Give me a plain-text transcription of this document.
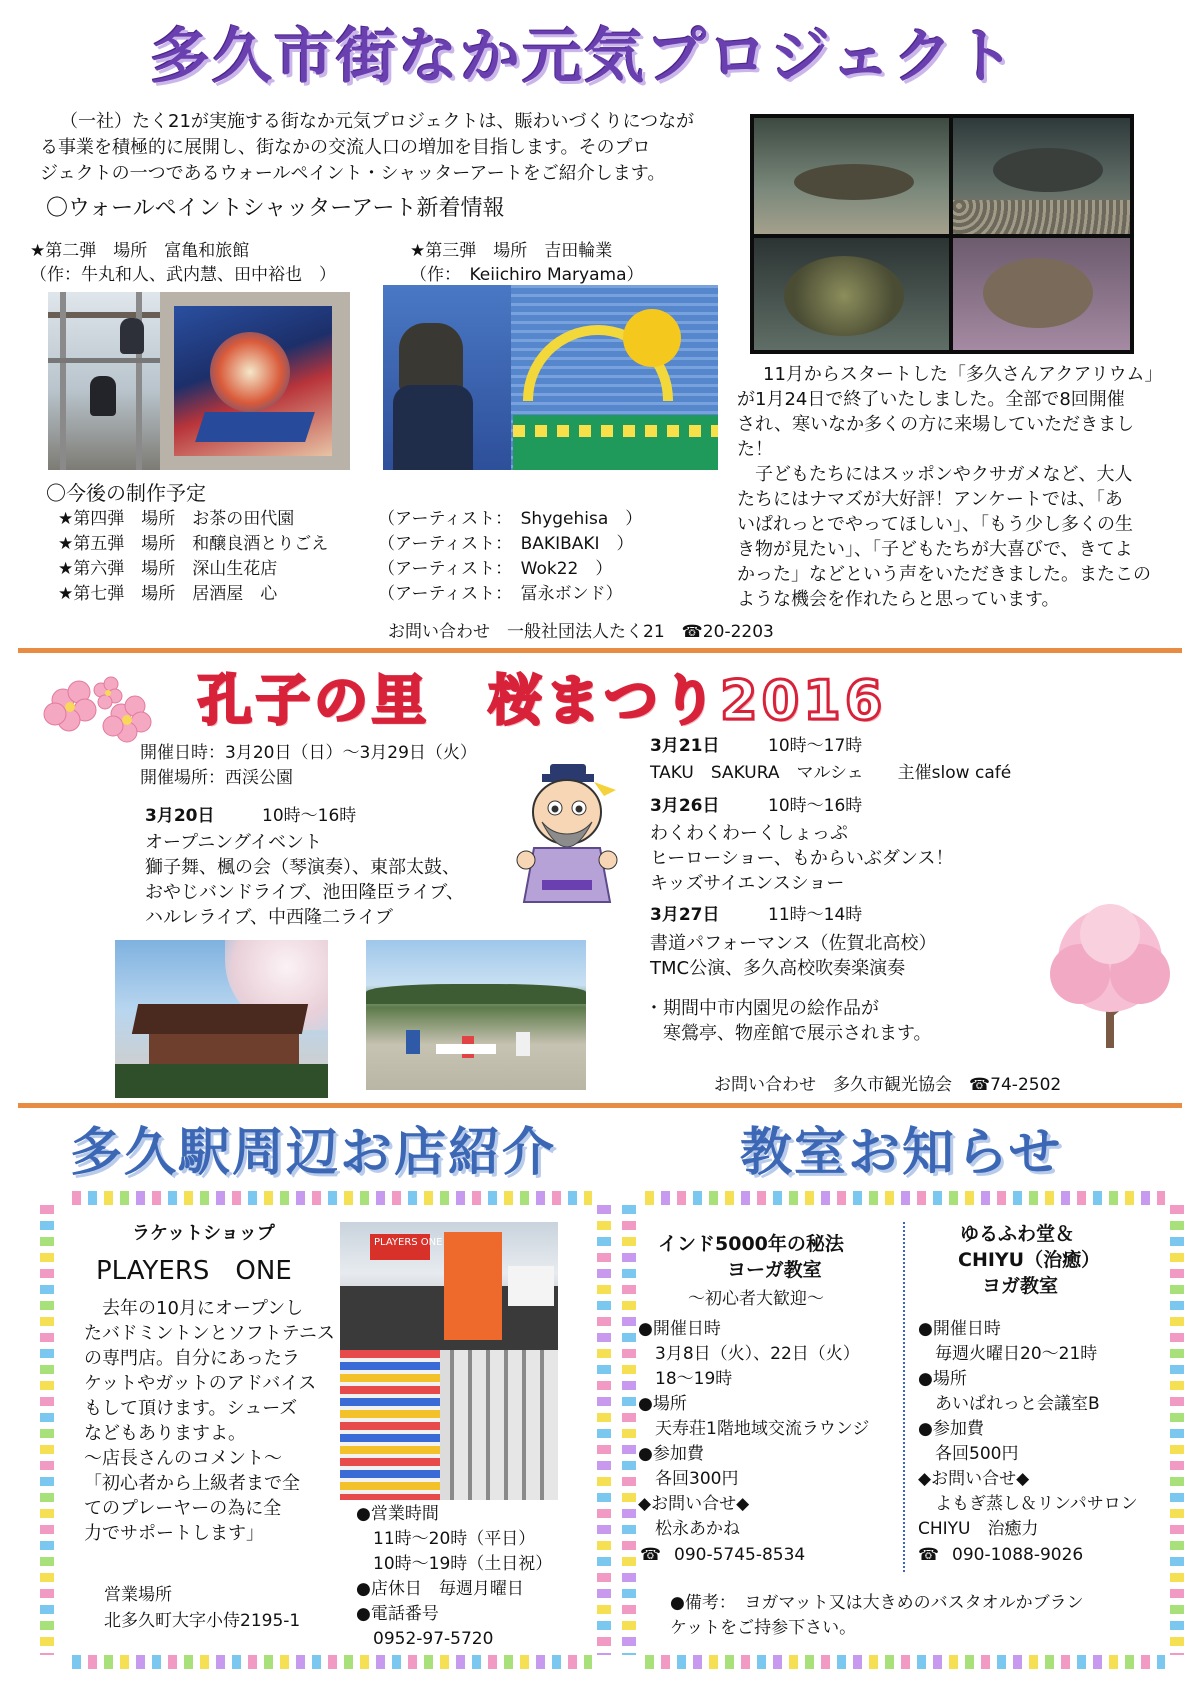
多久市街なか元気プロジェクト
（一社）たく21が実施する街なか元気プロジェクトは、賑わいづくりにつなが
る事業を積極的に展開し、街なかの交流人口の増加を目指します。そのプロ
ジェクトの一つであるウォールペイント・シャッターアートをご紹介します。
〇ウォールペイントシャッターアート新着情報
★第二弾　場所　富亀和旅館
（作：牛丸和人、武内慧、田中裕也　）
★第三弾　場所　吉田輪業
（作：　Keiichiro Maryama）
〇今後の制作予定
★第四弾　場所　お茶の田代園	（アーティスト：　Shygehisa　）
★第五弾　場所　和醸良酒とりごえ	（アーティスト：　BAKIBAKI　）
★第六弾　場所　深山生花店	（アーティスト：　Wok22　）
★第七弾　場所　居酒屋　心	（アーティスト：　冨永ボンド）
11月からスタートした「多久さんアクアリウム」
が1月24日で終了いたしました。全部で8回開催
され、寒いなか多くの方に来場していただきまし
た！
　子どもたちにはスッポンやクサガメなど、大人
たちにはナマズが大好評！アンケートでは、「あ
いぱれっとでやってほしい」、「もう少し多くの生
き物が見たい」、「子どもたちが大喜びで、きてよ
かった」などという声をいただきました。またこの
ような機会を作れたらと思っています。
お問い合わせ　一般社団法人たく21　☎20-2203
孔子の里　桜まつり2016
開催日時：3月20日（日）～3月29日（火）
開催場所：西渓公園
3月20日	10時～16時
オープニングイベント
獅子舞、楓の会（琴演奏）、東部太鼓、
おやじバンドライブ、池田隆臣ライブ、
ハルレライブ、中西隆二ライブ
3月21日	10時～17時
TAKU　SAKURA　マルシェ　　主催slow café
3月26日	10時～16時
わくわくわーくしょっぷ
ヒーローショー、もからいぶダンス！
キッズサイエンスショー
3月27日	11時～14時
書道パフォーマンス（佐賀北高校）
TMC公演、多久高校吹奏楽演奏
・期間中市内園児の絵作品が
　寒鶯亭、物産館で展示されます。
お問い合わせ　多久市観光協会　☎74-2502
多久駅周辺お店紹介	教室お知らせ
ラケットショップ
PLAYERS　ONE
　去年の10月にオープンし
たバドミントンとソフトテニス
の専門店。自分にあったラ
ケットやガットのアドバイス
もして頂けます。シューズ
などもありますよ。
～店長さんのコメント～
「初心者から上級者まで全
てのプレーヤーの為に全
力でサポートします」
営業場所
北多久町大字小侍2195-1
PLAYERS ONE
●営業時間
　11時～20時（平日）
　10時～19時（土日祝）
●店休日　毎週月曜日
●電話番号
　0952-97-5720
インド5000年の秘法
ヨーガ教室
～初心者大歓迎～
●開催日時
　3月8日（火）、22日（火）
　18～19時
●場所
　天寿荘1階地域交流ラウンジ
●参加費
　各回300円
◆お問い合せ◆
　松永あかね
☎ 090-5745-8534
ゆるふわ堂＆
CHIYU（治癒）
ヨガ教室
●開催日時
　毎週火曜日20～21時
●場所
　あいぱれっと会議室B
●参加費
　各回500円
◆お問い合せ◆
　よもぎ蒸し＆リンパサロン
CHIYU　治癒力
☎ 090-1088-9026
●備考：　ヨガマット又は大きめのバスタオルかブラン
ケットをご持参下さい。
